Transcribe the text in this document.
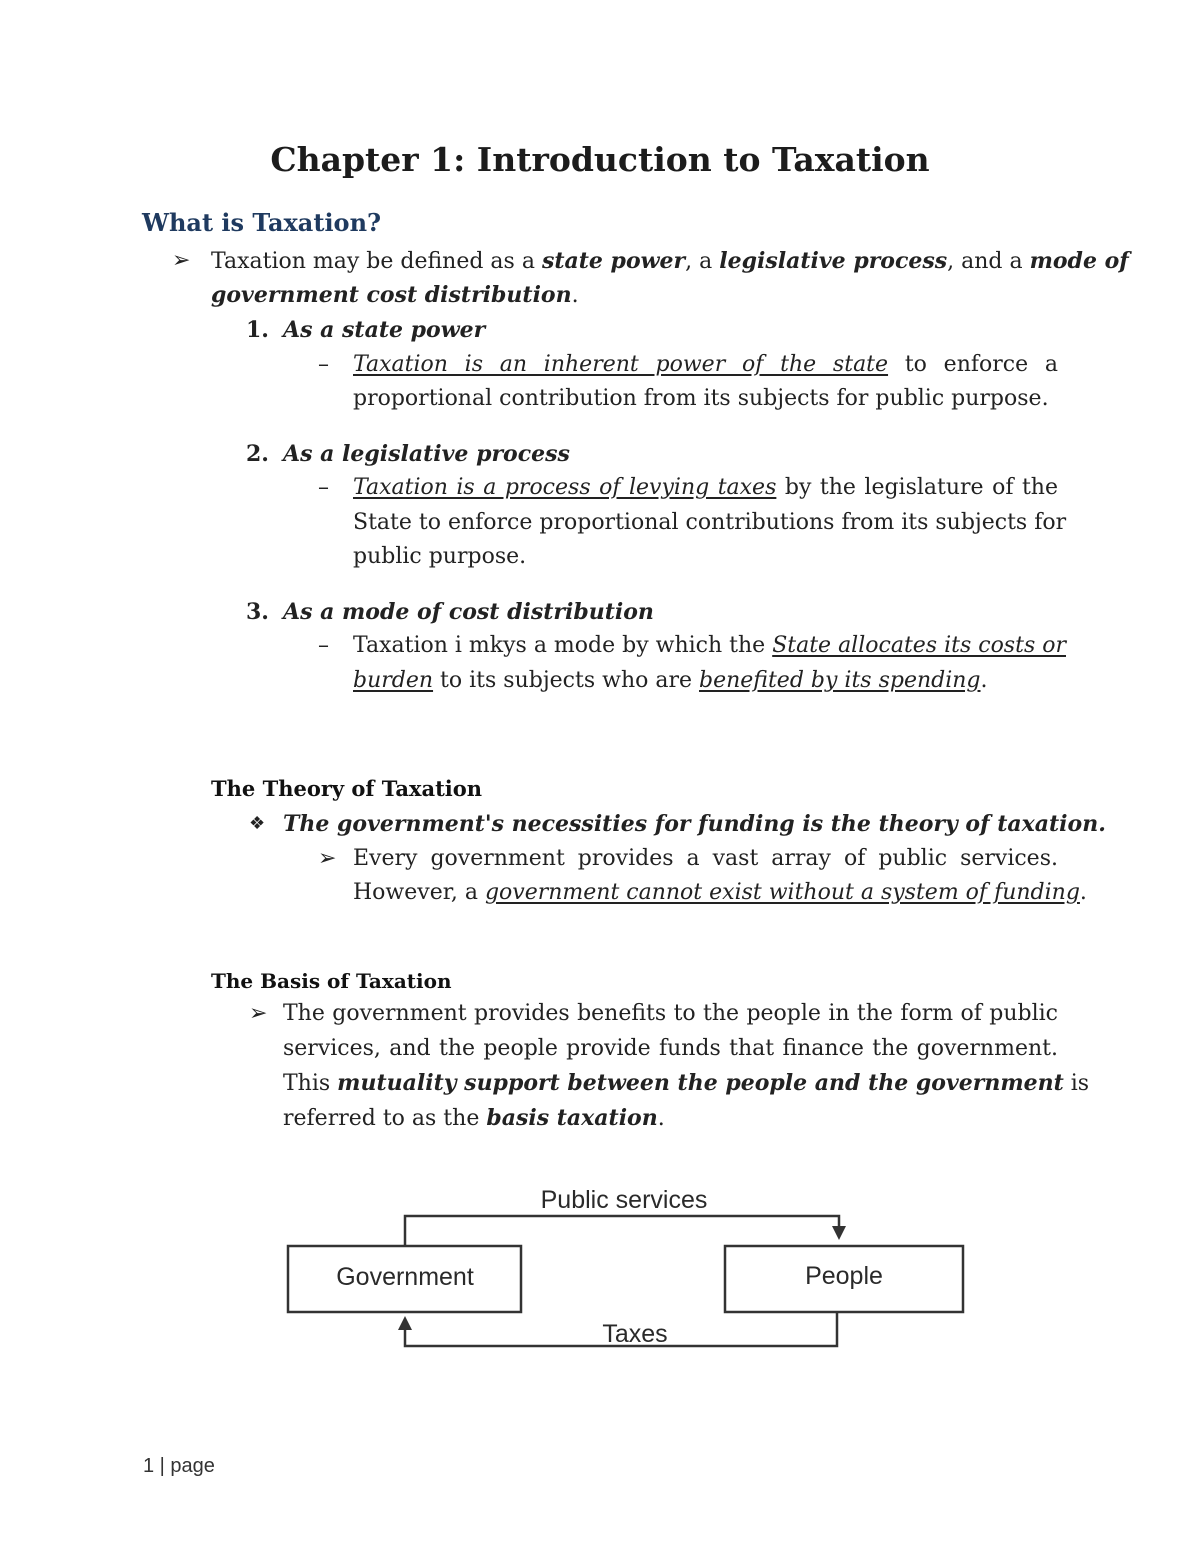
Chapter 1: Introduction to Taxation
What is Taxation?
➢ Taxation may be defined as a state power, a legislative process, and a mode of
government cost distribution.
1. As a state power
– Taxation is an inherent power of the state to enforce a
proportional contribution from its subjects for public purpose.
2. As a legislative process
– Taxation is a process of levying taxes by the legislature of the
State to enforce proportional contributions from its subjects for
public purpose.
3. As a mode of cost distribution
– Taxation i mkys a mode by which the State allocates its costs or
burden to its subjects who are benefited by its spending.
The Theory of Taxation
❖ The government's necessities for funding is the theory of taxation.
➢ Every government provides a vast array of public services.
However, a government cannot exist without a system of funding.
The Basis of Taxation
➢ The government provides benefits to the people in the form of public
services, and the people provide funds that finance the government.
This mutuality support between the people and the government is
referred to as the basis taxation.
Public services
Government	People
Taxes
1 | page
